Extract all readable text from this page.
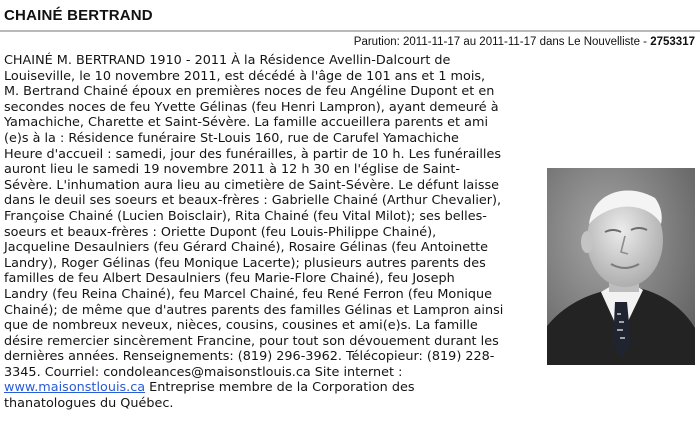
CHAINÉ BERTRAND
Parution: 2011-11-17 au 2011-11-17 dans Le Nouvelliste - 2753317
CHAINÉ M. BERTRAND 1910 - 2011 À la Résidence Avellin-Dalcourt de
Louiseville, le 10 novembre 2011, est décédé à l'âge de 101 ans et 1 mois,
M. Bertrand Chainé époux en premières noces de feu Angéline Dupont et en
secondes noces de feu Yvette Gélinas (feu Henri Lampron), ayant demeuré à
Yamachiche, Charette et Saint-Sévère. La famille accueillera parents et ami
(e)s à la : Résidence funéraire St-Louis 160, rue de Carufel Yamachiche
Heure d'accueil : samedi, jour des funérailles, à partir de 10 h. Les funérailles
auront lieu le samedi 19 novembre 2011 à 12 h 30 en l'église de Saint-
Sévère. L'inhumation aura lieu au cimetière de Saint-Sévère. Le défunt laisse
dans le deuil ses soeurs et beaux-frères : Gabrielle Chainé (Arthur Chevalier),
Françoise Chainé (Lucien Boisclair), Rita Chainé (feu Vital Milot); ses belles-
soeurs et beaux-frères : Oriette Dupont (feu Louis-Philippe Chainé),
Jacqueline Desaulniers (feu Gérard Chainé), Rosaire Gélinas (feu Antoinette
Landry), Roger Gélinas (feu Monique Lacerte); plusieurs autres parents des
familles de feu Albert Desaulniers (feu Marie-Flore Chainé), feu Joseph
Landry (feu Reina Chainé), feu Marcel Chainé, feu René Ferron (feu Monique
Chainé); de même que d'autres parents des familles Gélinas et Lampron ainsi
que de nombreux neveux, nièces, cousins, cousines et ami(e)s. La famille
désire remercier sincèrement Francine, pour tout son dévouement durant les
dernières années. Renseignements: (819) 296-3962. Télécopieur: (819) 228-
3345. Courriel: condoleances@maisonstlouis.ca Site internet :
www.maisonstlouis.ca Entreprise membre de la Corporation des
thanatologues du Québec.
